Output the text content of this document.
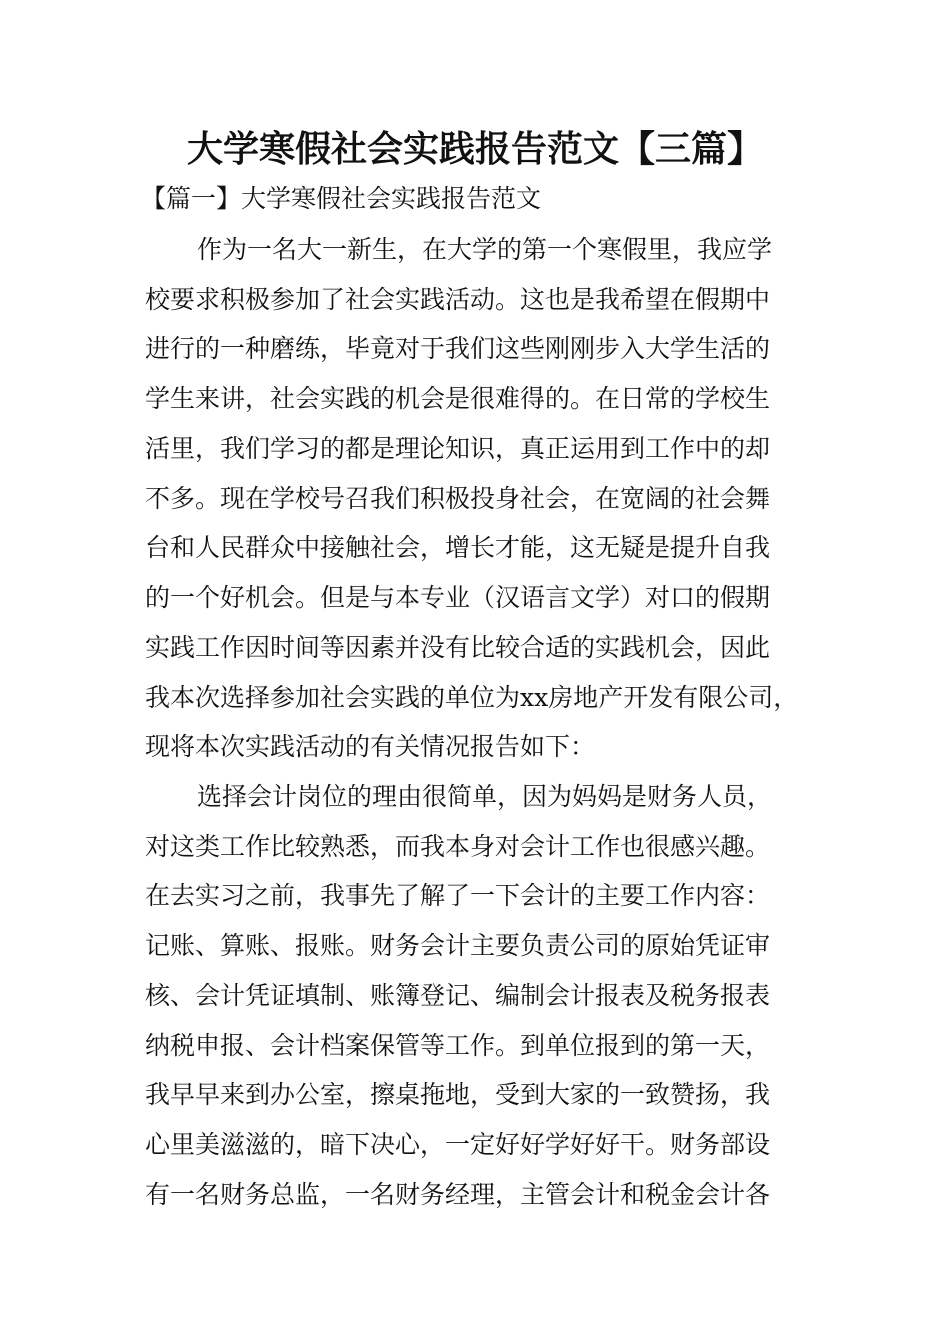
大学寒假社会实践报告范文【三篇】
【篇一】大学寒假社会实践报告范文
作为一名大一新生，在大学的第一个寒假里，我应学
校要求积极参加了社会实践活动。这也是我希望在假期中
进行的一种磨练，毕竟对于我们这些刚刚步入大学生活的
学生来讲，社会实践的机会是很难得的。在日常的学校生
活里，我们学习的都是理论知识，真正运用到工作中的却
不多。现在学校号召我们积极投身社会，在宽阔的社会舞
台和人民群众中接触社会，增长才能，这无疑是提升自我
的一个好机会。但是与本专业（汉语言文学）对口的假期
实践工作因时间等因素并没有比较合适的实践机会，因此
我本次选择参加社会实践的单位为xx房地产开发有限公司，
现将本次实践活动的有关情况报告如下：
选择会计岗位的理由很简单，因为妈妈是财务人员，
对这类工作比较熟悉，而我本身对会计工作也很感兴趣。
在去实习之前，我事先了解了一下会计的主要工作内容：
记账、算账、报账。财务会计主要负责公司的原始凭证审
核、会计凭证填制、账簿登记、编制会计报表及税务报表
纳税申报、会计档案保管等工作。到单位报到的第一天，
我早早来到办公室，擦桌拖地，受到大家的一致赞扬，我
心里美滋滋的，暗下决心，一定好好学好好干。财务部设
有一名财务总监，一名财务经理，主管会计和税金会计各
